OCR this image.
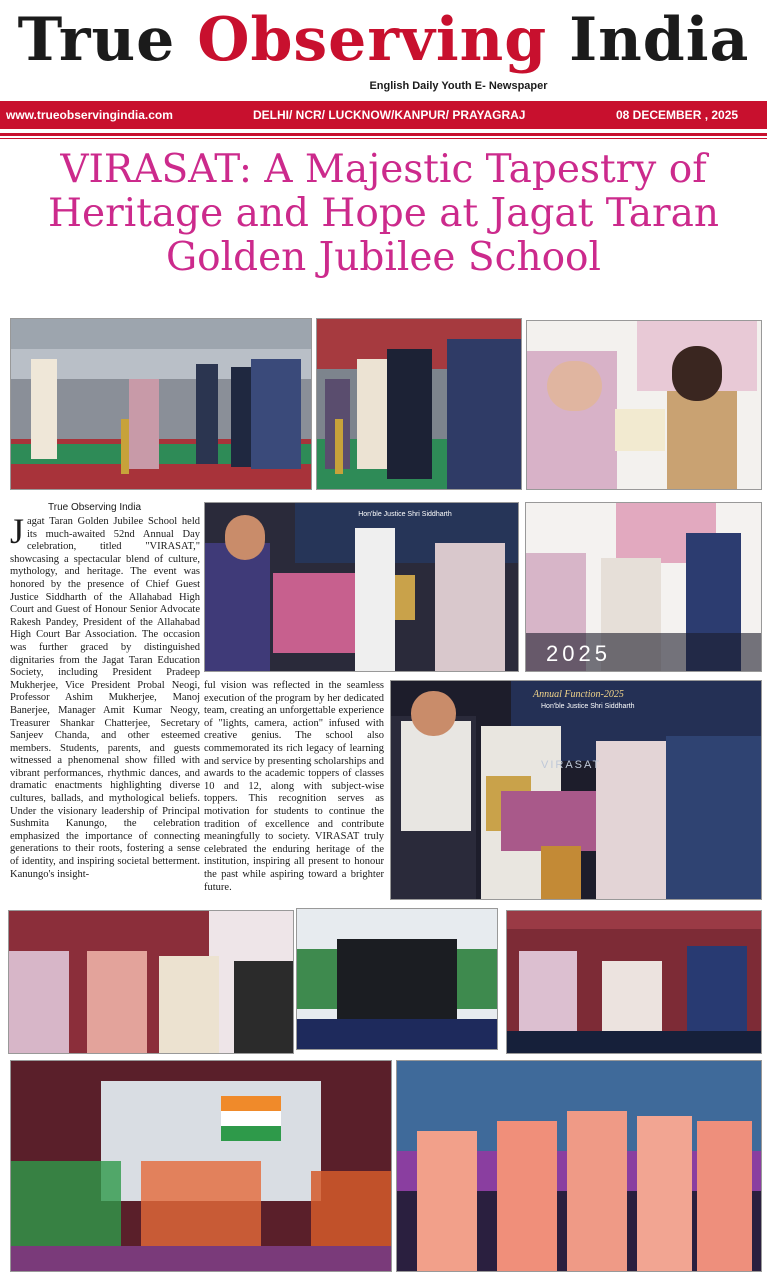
True Observing India
English Daily Youth E- Newspaper
www.trueobservingindia.com	DELHI/ NCR/ LUCKNOW/KANPUR/ PRAYAGRAJ	08 DECEMBER , 2025
VIRASAT: A Majestic Tapestry of
Heritage and Hope at Jagat Taran
Golden Jubilee School
True Observing India
Jagat Taran Golden Jubilee School held its much-awaited 52nd Annual Day celebration, titled "VIRASAT," showcasing a spectacular blend of culture, mythology, and heritage. The event was honored by the presence of Chief Guest Justice Siddharth of the Allahabad High Court and Guest of Honour Senior Advocate Rakesh Pandey, President of the Allahabad High Court Bar Association. The occasion was further graced by distinguished dignitaries from the Jagat Taran Education Society, including President Pradeep Mukherjee, Vice President Probal Neogi, Professor Ashim Mukherjee, Manoj Banerjee, Manager Amit Kumar Neogy, Treasurer Shankar Chatterjee, Secretary Sanjeev Chanda, and other esteemed members. Students, parents, and guests witnessed a phenomenal show filled with vibrant performances, rhythmic dances, and dramatic enactments highlighting diverse cultures, ballads, and mythological beliefs. Under the visionary leadership of Principal Sushmita Kanungo, the celebration emphasized the importance of connecting generations to their roots, fostering a sense of identity, and inspiring societal betterment. Kanungo's insight-
Hon'ble Justice Shri Siddharth
2025
ful vision was reflected in the seamless execution of the program by her dedicated team, creating an unforgettable experience of "lights, camera, action" infused with creative genius. The school also commemorated its rich legacy of learning and service by presenting scholarships and awards to the academic toppers of classes 10 and 12, along with subject-wise toppers. This recognition serves as motivation for students to continue the tradition of excellence and contribute meaningfully to society. VIRASAT truly celebrated the enduring heritage of the institution, inspiring all present to honour the past while aspiring toward a brighter future.
Annual Function-2025
Hon'ble Justice Shri Siddharth
VIRASAT
